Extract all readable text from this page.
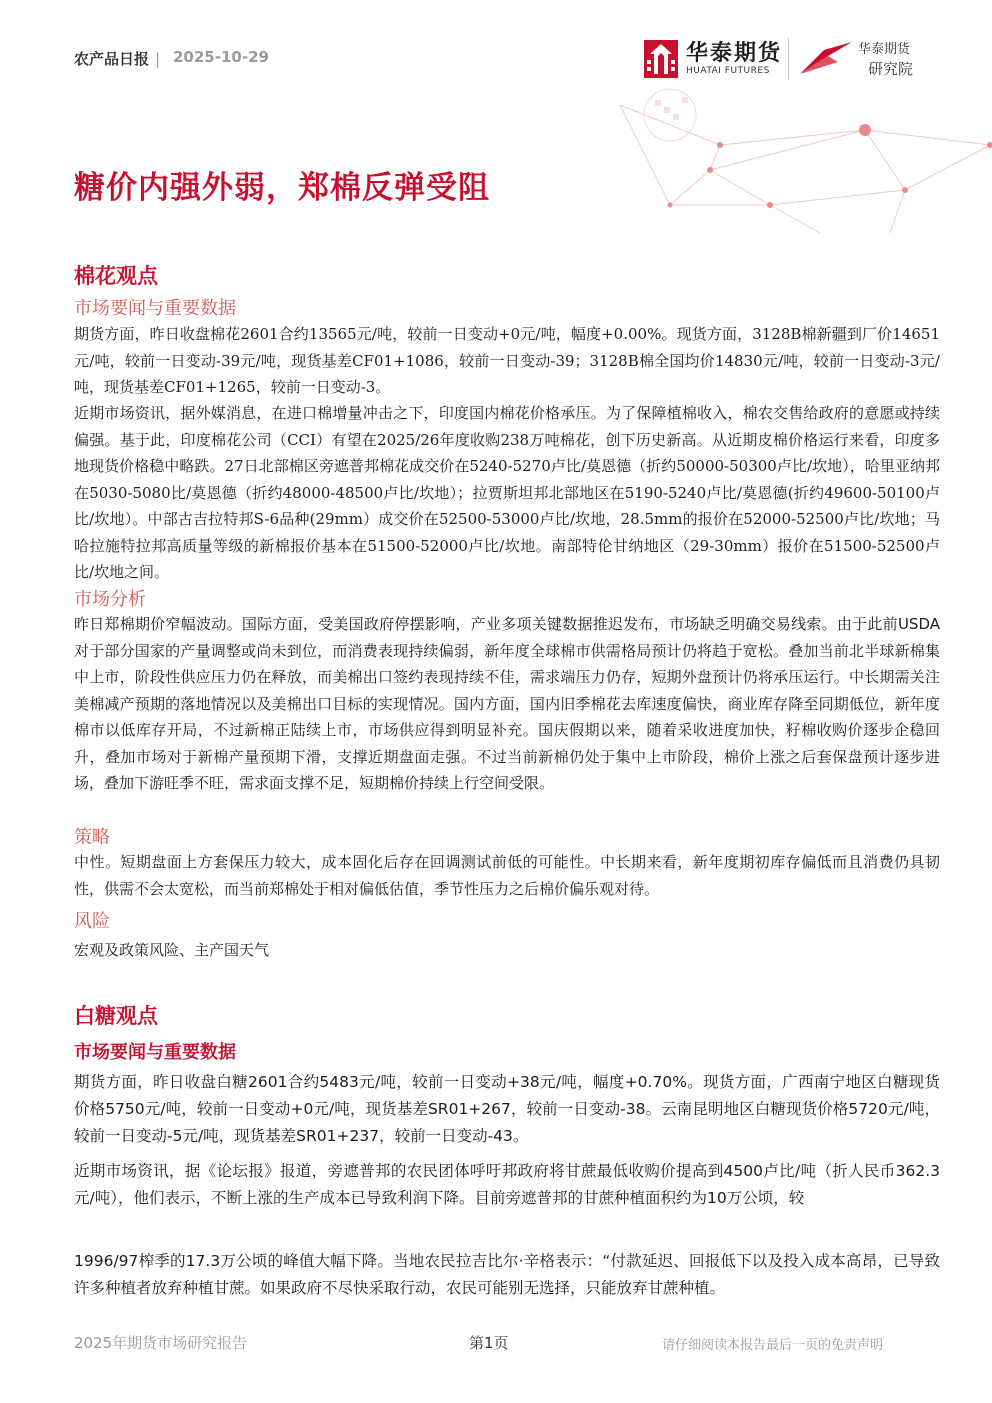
农产品日报 | 2025-10-29	华泰期货
HUATAI FUTURES
华泰期货
研究院
糖价内强外弱，郑棉反弹受阻
棉花观点
市场要闻与重要数据
期货方面，昨日收盘棉花2601合约13565元/吨，较前一日变动+0元/吨，幅度+0.00%。现货方面，3128B棉新疆到厂价14651元/吨，较前一日变动-39元/吨，现货基差CF01+1086，较前一日变动-39；3128B棉全国均价14830元/吨，较前一日变动-3元/吨，现货基差CF01+1265，较前一日变动-3。
近期市场资讯，据外媒消息，在进口棉增量冲击之下，印度国内棉花价格承压。为了保障植棉收入，棉农交售给政府的意愿或持续偏强。基于此，印度棉花公司（CCI）有望在2025/26年度收购238万吨棉花，创下历史新高。从近期皮棉价格运行来看，印度多地现货价格稳中略跌。27日北部棉区旁遮普邦棉花成交价在5240-5270卢比/莫恩德（折约50000-50300卢比/坎地），哈里亚纳邦在5030-5080比/莫恩德（折约48000-48500卢比/坎地）；拉贾斯坦邦北部地区在5190-5240卢比/莫恩德(折约49600-50100卢比/坎地）。中部古吉拉特邦S-6品种(29mm）成交价在52500-53000卢比/坎地，28.5mm的报价在52000-52500卢比/坎地；马哈拉施特拉邦高质量等级的新棉报价基本在51500-52000卢比/坎地。南部特伦甘纳地区（29-30mm）报价在51500-52500卢比/坎地之间。
市场分析
昨日郑棉期价窄幅波动。国际方面，受美国政府停摆影响，产业多项关键数据推迟发布，市场缺乏明确交易线索。由于此前USDA对于部分国家的产量调整或尚未到位，而消费表现持续偏弱，新年度全球棉市供需格局预计仍将趋于宽松。叠加当前北半球新棉集中上市，阶段性供应压力仍在释放，而美棉出口签约表现持续不佳，需求端压力仍存，短期外盘预计仍将承压运行。中长期需关注美棉减产预期的落地情况以及美棉出口目标的实现情况。国内方面，国内旧季棉花去库速度偏快，商业库存降至同期低位，新年度棉市以低库存开局，不过新棉正陆续上市，市场供应得到明显补充。国庆假期以来，随着采收进度加快，籽棉收购价逐步企稳回升，叠加市场对于新棉产量预期下滑，支撑近期盘面走强。不过当前新棉仍处于集中上市阶段，棉价上涨之后套保盘预计逐步进场，叠加下游旺季不旺，需求面支撑不足，短期棉价持续上行空间受限。
策略
中性。短期盘面上方套保压力较大，成本固化后存在回调测试前低的可能性。中长期来看，新年度期初库存偏低而且消费仍具韧性，供需不会太宽松，而当前郑棉处于相对偏低估值，季节性压力之后棉价偏乐观对待。
风险
宏观及政策风险、主产国天气
白糖观点
市场要闻与重要数据
期货方面，昨日收盘白糖2601合约5483元/吨，较前一日变动+38元/吨，幅度+0.70%。现货方面，广西南宁地区白糖现货价格5750元/吨，较前一日变动+0元/吨，现货基差SR01+267，较前一日变动-38。云南昆明地区白糖现货价格5720元/吨，较前一日变动-5元/吨，现货基差SR01+237，较前一日变动-43。
近期市场资讯，据《论坛报》报道，旁遮普邦的农民团体呼吁邦政府将甘蔗最低收购价提高到4500卢比/吨（折人民币362.3元/吨），他们表示，不断上涨的生产成本已导致利润下降。目前旁遮普邦的甘蔗种植面积约为10万公顷，较
1996/97榨季的17.3万公顷的峰值大幅下降。当地农民拉吉比尔·辛格表示：“付款延迟、回报低下以及投入成本高昂，已导致许多种植者放弃种植甘蔗。如果政府不尽快采取行动，农民可能别无选择，只能放弃甘蔗种植。
2025年期货市场研究报告	第1页	请仔细阅读本报告最后一页的免责声明
